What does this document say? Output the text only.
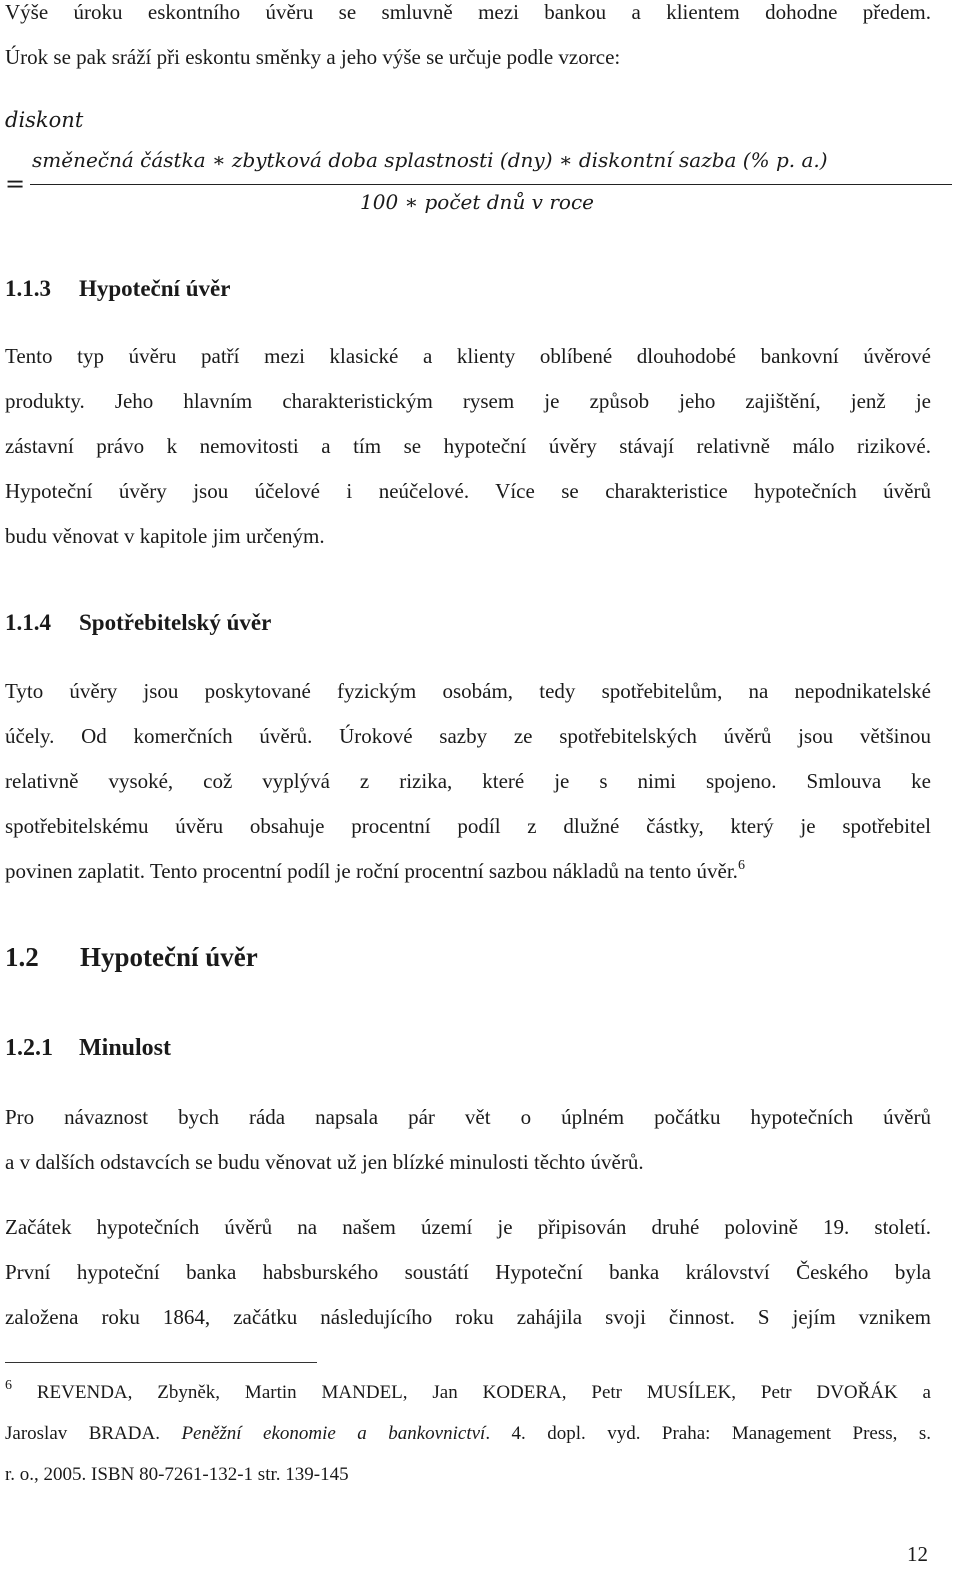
Výše úroku eskontního úvěru se smluvně mezi bankou a klientem dohodne předem.
Úrok se pak sráží při eskontu směnky a jeho výše se určuje podle vzorce:
diskont
=
směnečná částka ∗ zbytková doba splastnosti (dny) ∗ diskontní sazba (% p. a.)
100 ∗ počet dnů v roce
1.1.3 Hypoteční úvěr
Tento typ úvěru patří mezi klasické a klienty oblíbené dlouhodobé bankovní úvěrové
produkty. Jeho hlavním charakteristickým rysem je způsob jeho zajištění, jenž je
zástavní právo k nemovitosti a tím se hypoteční úvěry stávají relativně málo rizikové.
Hypoteční úvěry jsou účelové i neúčelové. Více se charakteristice hypotečních úvěrů
budu věnovat v kapitole jim určeným.
1.1.4 Spotřebitelský úvěr
Tyto úvěry jsou poskytované fyzickým osobám, tedy spotřebitelům, na nepodnikatelské
účely. Od komerčních úvěrů. Úrokové sazby ze spotřebitelských úvěrů jsou většinou
relativně vysoké, což vyplývá z rizika, které je s nimi spojeno. Smlouva ke
spotřebitelskému úvěru obsahuje procentní podíl z dlužné částky, který je spotřebitel
povinen zaplatit. Tento procentní podíl je roční procentní sazbou nákladů na tento úvěr.$^6$
1.2 Hypoteční úvěr
1.2.1 Minulost
Pro návaznost bych ráda napsala pár vět o úplném počátku hypotečních úvěrů
a v dalších odstavcích se budu věnovat už jen blízké minulosti těchto úvěrů.
Začátek hypotečních úvěrů na našem území je připisován druhé polovině 19. století.
První hypoteční banka habsburského soustátí Hypoteční banka království Českého byla
založena roku 1864, začátku následujícího roku zahájila svoji činnost. S jejím vznikem
$^6$ REVENDA, Zbyněk, Martin MANDEL, Jan KODERA, Petr MUSÍLEK, Petr DVOŘÁK a
Jaroslav BRADA. Peněžní ekonomie a bankovnictví. 4. dopl. vyd. Praha: Management Press, s.
r. o., 2005. ISBN 80-7261-132-1 str. 139-145
12
